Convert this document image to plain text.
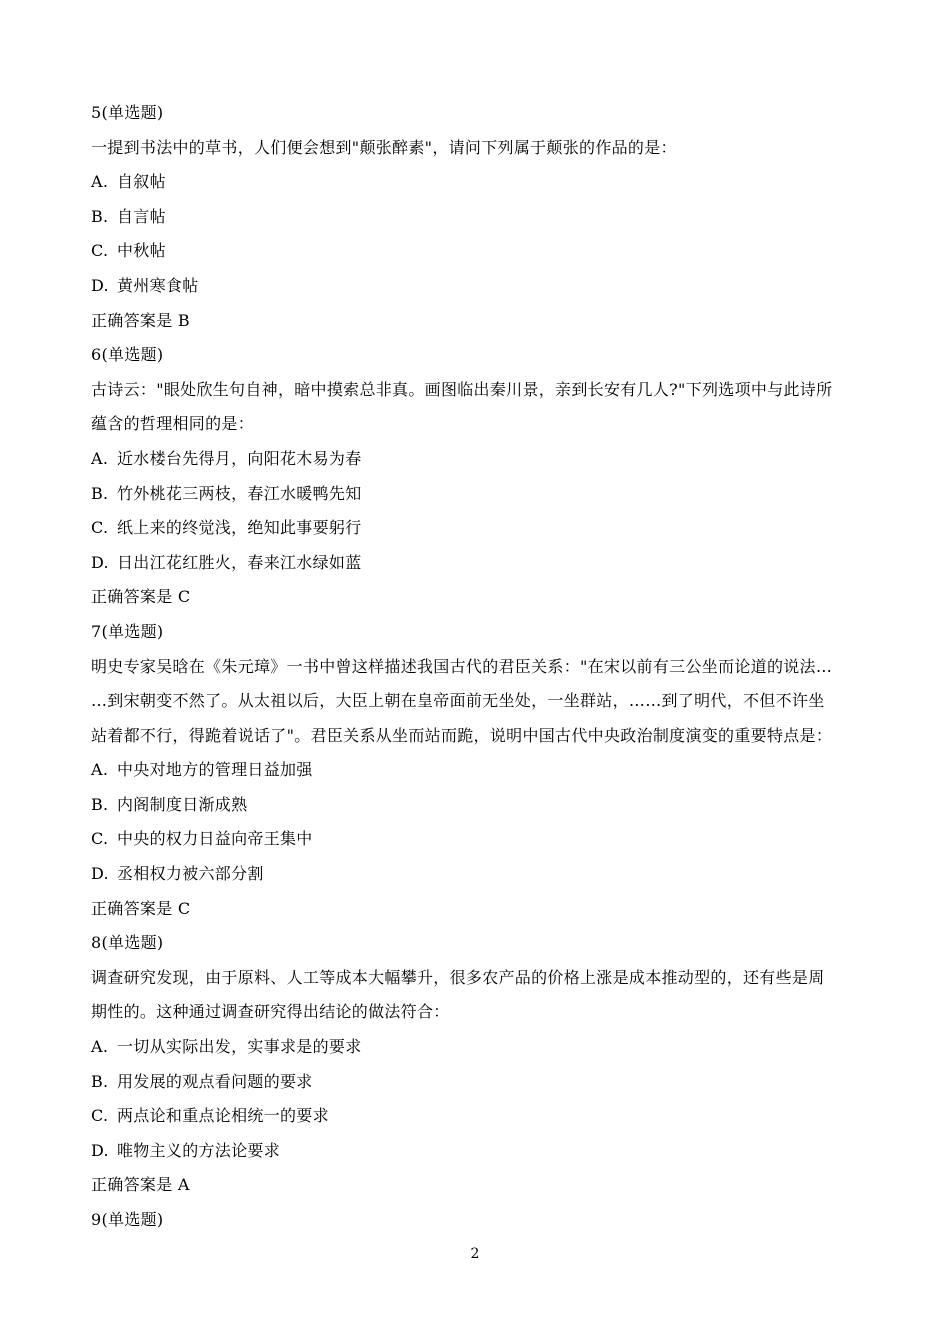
5(单选题)
一提到书法中的草书，人们便会想到"颠张醉素"，请问下列属于颠张的作品的是：
A. 自叙帖
B. 自言帖
C. 中秋帖
D. 黄州寒食帖
正确答案是 B
6(单选题)
古诗云："眼处欣生句自神，暗中摸索总非真。画图临出秦川景，亲到长安有几人?"下列选项中与此诗所
蕴含的哲理相同的是：
A. 近水楼台先得月，向阳花木易为春
B. 竹外桃花三两枝，春江水暖鸭先知
C. 纸上来的终觉浅，绝知此事要躬行
D. 日出江花红胜火，春来江水绿如蓝
正确答案是 C
7(单选题)
明史专家吴晗在《朱元璋》一书中曾这样描述我国古代的君臣关系："在宋以前有三公坐而论道的说法…
…到宋朝变不然了。从太祖以后，大臣上朝在皇帝面前无坐处，一坐群站，……到了明代，不但不许坐
站着都不行，得跪着说话了"。君臣关系从坐而站而跪，说明中国古代中央政治制度演变的重要特点是：
A. 中央对地方的管理日益加强
B. 内阁制度日渐成熟
C. 中央的权力日益向帝王集中
D. 丞相权力被六部分割
正确答案是 C
8(单选题)
调查研究发现，由于原料、人工等成本大幅攀升，很多农产品的价格上涨是成本推动型的，还有些是周
期性的。这种通过调查研究得出结论的做法符合：
A. 一切从实际出发，实事求是的要求
B. 用发展的观点看问题的要求
C. 两点论和重点论相统一的要求
D. 唯物主义的方法论要求
正确答案是 A
9(单选题)
2
